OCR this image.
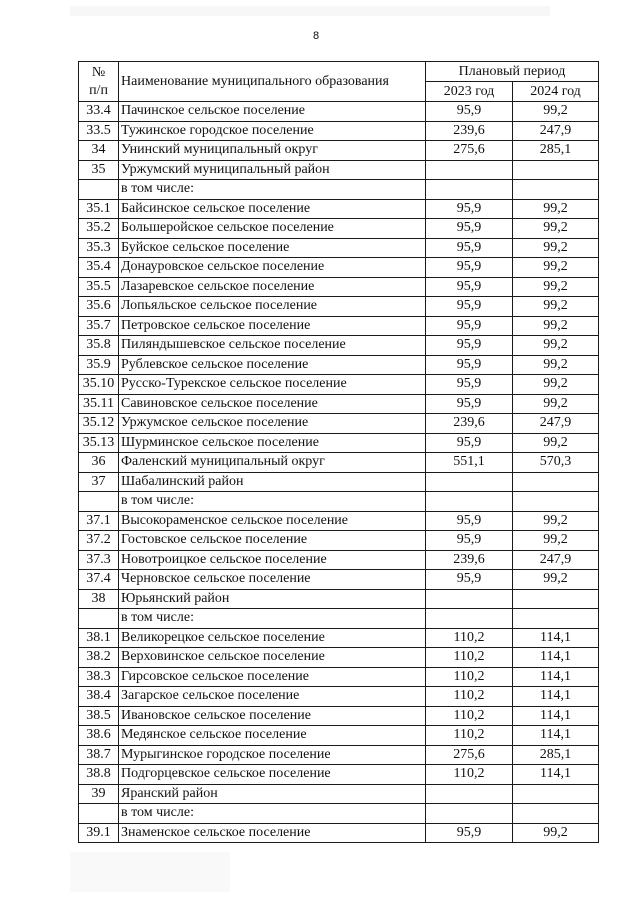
8
№
п/п	Наименование муниципального образования	Плановый период	
		2023 год	2024 год
33.4	Пачинское сельское поселение	95,9	99,2
33.5	Тужинское городское поселение	239,6	247,9
34	Унинский муниципальный округ	275,6	285,1
35	Уржумский муниципальный район		
	в том числе:		
35.1	Байсинское сельское поселение	95,9	99,2
35.2	Большеройское сельское поселение	95,9	99,2
35.3	Буйское сельское поселение	95,9	99,2
35.4	Донауровское сельское поселение	95,9	99,2
35.5	Лазаревское сельское поселение	95,9	99,2
35.6	Лопьяльское сельское поселение	95,9	99,2
35.7	Петровское сельское поселение	95,9	99,2
35.8	Пиляндышевское сельское поселение	95,9	99,2
35.9	Рублевское сельское поселение	95,9	99,2
35.10	Русско-Турекское сельское поселение	95,9	99,2
35.11	Савиновское сельское поселение	95,9	99,2
35.12	Уржумское сельское поселение	239,6	247,9
35.13	Шурминское сельское поселение	95,9	99,2
36	Фаленский муниципальный округ	551,1	570,3
37	Шабалинский район		
	в том числе:		
37.1	Высокораменское сельское поселение	95,9	99,2
37.2	Гостовское сельское поселение	95,9	99,2
37.3	Новотроицкое сельское поселение	239,6	247,9
37.4	Черновское сельское поселение	95,9	99,2
38	Юрьянский район		
	в том числе:		
38.1	Великорецкое сельское поселение	110,2	114,1
38.2	Верховинское сельское поселение	110,2	114,1
38.3	Гирсовское сельское поселение	110,2	114,1
38.4	Загарское сельское поселение	110,2	114,1
38.5	Ивановское сельское поселение	110,2	114,1
38.6	Медянское сельское поселение	110,2	114,1
38.7	Мурыгинское городское поселение	275,6	285,1
38.8	Подгорцевское сельское поселение	110,2	114,1
39	Яранский район		
	в том числе:		
39.1	Знаменское сельское поселение	95,9	99,2
